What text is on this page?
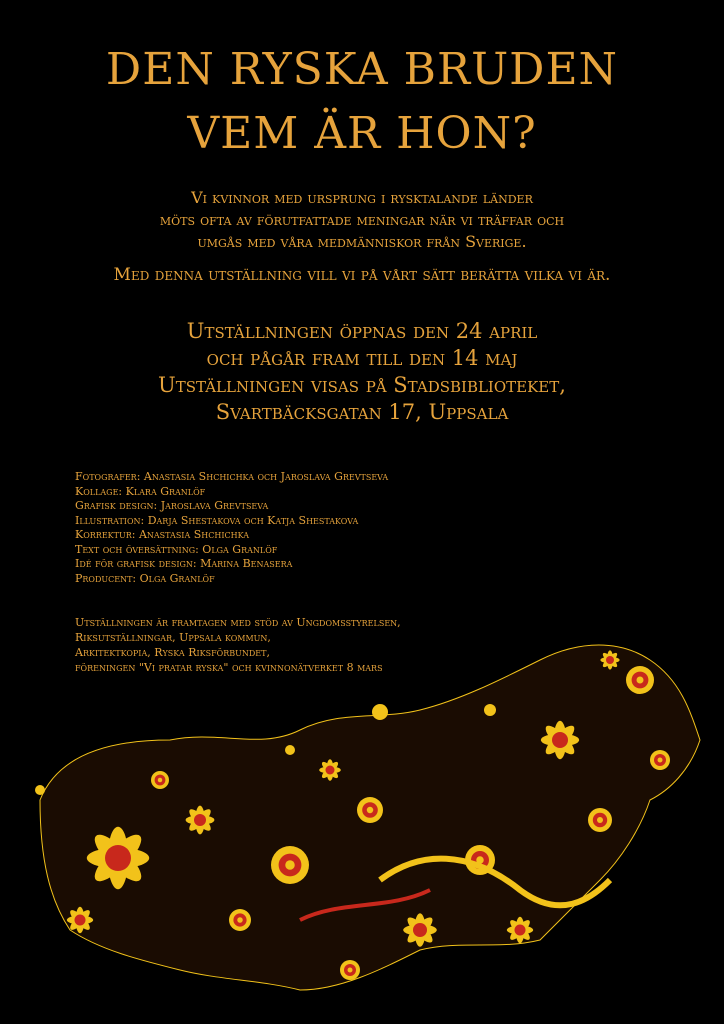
DEN RYSKA BRUDEN
VEM ÄR HON?
Vi kvinnor med ursprung i rysktalande länder
möts ofta av förutfattade meningar när vi träffar och
umgås med våra medmänniskor från Sverige.
Med denna utställning vill vi på vårt sätt berätta vilka vi är.
Utställningen öppnas den 24 april
och pågår fram till den 14 maj
Utställningen visas på Stadsbiblioteket,
Svartbäcksgatan 17, Uppsala
Fotografer: Anastasia Shchichka och Jaroslava Grevtseva
Kollage: Klara Granlöf
Grafisk design: Jaroslava Grevtseva
Illustration: Darja Shestakova och Katja Shestakova
Korrektur: Anastasia Shchichka
Text och översättning: Olga Granlöf
Idé för grafisk design: Marina Benasera
Producent: Olga Granlöf
Utställningen är framtagen med stöd av Ungdomsstyrelsen,
Riksutställningar, Uppsala kommun,
Arkitektkopia, Ryska Riksförbundet,
föreningen "Vi pratar ryska" och kvinnonätverket 8 mars
